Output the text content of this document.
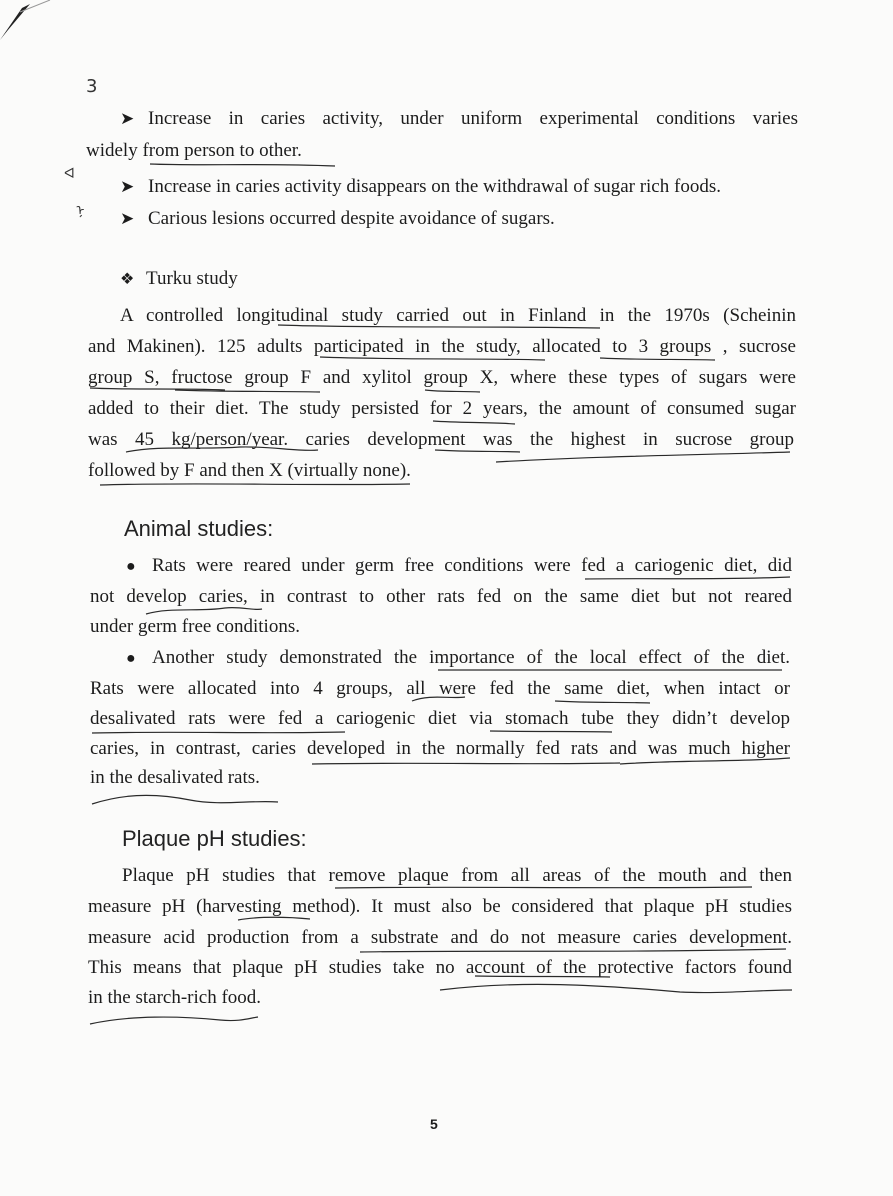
3
ᐊ
ᠨ
➤ Increase in caries activity, under uniform experimental conditions varies
widely from person to other.
➤ Increase in caries activity disappears on the withdrawal of sugar rich foods.
➤ Carious lesions occurred despite avoidance of sugars.
❖ Turku study
A controlled longitudinal study carried out in Finland in the 1970s (Scheinin
and Makinen). 125 adults participated in the study, allocated to 3 groups , sucrose
group S, fructose group F and xylitol group X, where these types of sugars were
added to their diet. The study persisted for 2 years, the amount of consumed sugar
was 45 kg/person/year. caries development was the highest in sucrose group
followed by F and then X (virtually none).
Animal studies:
● Rats were reared under germ free conditions were fed a cariogenic diet, did
not develop caries, in contrast to other rats fed on the same diet but not reared
under germ free conditions.
● Another study demonstrated the importance of the local effect of the diet.
Rats were allocated into 4 groups, all were fed the same diet, when intact or
desalivated rats were fed a cariogenic diet via stomach tube they didn’t develop
caries, in contrast, caries developed in the normally fed rats and was much higher
in the desalivated rats.
Plaque pH studies:
Plaque pH studies that remove plaque from all areas of the mouth and then
measure pH (harvesting method). It must also be considered that plaque pH studies
measure acid production from a substrate and do not measure caries development.
This means that plaque pH studies take no account of the protective factors found
in the starch-rich food.
5
